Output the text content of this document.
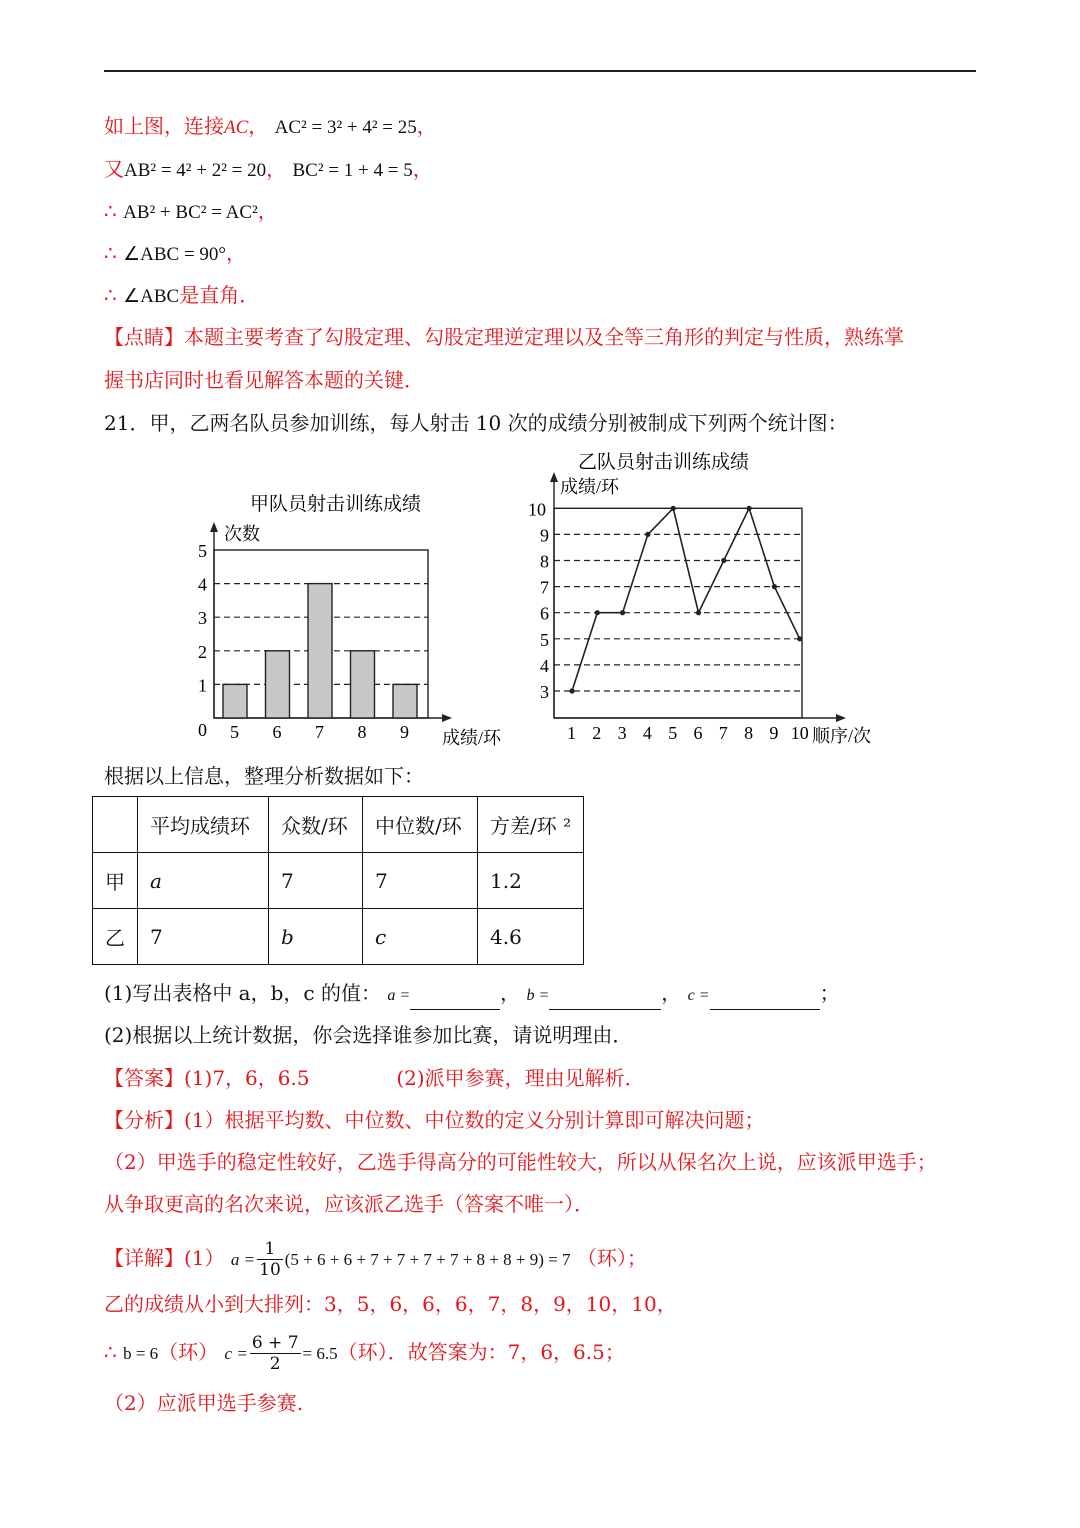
如上图，连接AC， AC² = 3² + 4² = 25，
又AB² = 4² + 2² = 20， BC² = 1 + 4 = 5，
∴ AB² + BC² = AC²，
∴ ∠ABC = 90°，
∴ ∠ABC是直角．
【点睛】本题主要考查了勾股定理、勾股定理逆定理以及全等三角形的判定与性质，熟练掌
握书店同时也看见解答本题的关键．
21．甲，乙两名队员参加训练，每人射击 10 次的成绩分别被制成下列两个统计图：
甲队员射击训练成绩
次数
成绩/环
0
1
2
3
4
5
5 6 7 8 9
乙队员射击训练成绩
成绩/环
顺序/次
3
4
5
6
7
8
9
10
1 2 3 4 5 6 7 8 9 10
根据以上信息，整理分析数据如下：
	平均成绩环	众数/环	中位数/环	方差/环 ²
甲	a	7	7	1.2
乙	7	b	c	4.6
(1)写出表格中 a，b，c 的值： a =	， b =	， c =	；
(2)根据以上统计数据，你会选择谁参加比赛，请说明理由．
【答案】(1)7，6，6.5	(2)派甲参赛，理由见解析．
【分析】(1）根据平均数、中位数、中位数的定义分别计算即可解决问题；
（2）甲选手的稳定性较好，乙选手得高分的可能性较大，所以从保名次上说，应该派甲选手；
从争取更高的名次来说，应该派乙选手（答案不唯一）．
【详解】(1） $a = \frac{1}{10} (5 + 6 + 6 + 7 + 7 + 7 + 7 + 8 + 8 + 9) = 7$ （环）；
乙的成绩从小到大排列：3，5，6，6，6，7，8，9，10，10，
∴ b = 6（环） $c = \frac{6 + 7}{2} = 6.5$（环）．故答案为：7，6，6.5；
（2）应派甲选手参赛.
